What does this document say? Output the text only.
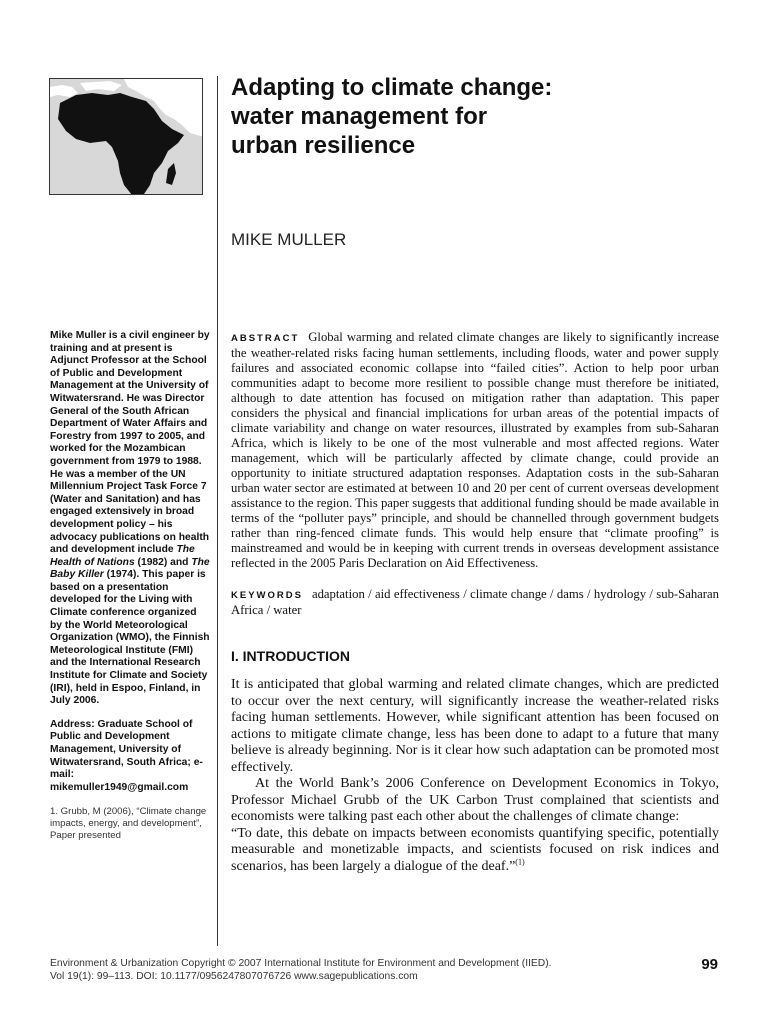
Adapting to climate change:
water management for
urban resilience
MIKE MULLER

Mike Muller is a civil engineer by training and at present is Adjunct Professor at the School of Public and Development Management at the University of Witwatersrand. He was Director General of the South African Department of Water Affairs and Forestry from 1997 to 2005, and worked for the Mozambican government from 1979 to 1988. He was a member of the UN Millennium Project Task Force 7 (Water and Sanitation) and has engaged extensively in broad development policy – his advocacy publications on health and development include The Health of Nations (1982) and The Baby Killer (1974). This paper is based on a presentation developed for the Living with Climate conference organized by the World Meteorological Organization (WMO), the Finnish Meteorological Institute (FMI) and the International Research Institute for Climate and Society (IRI), held in Espoo, Finland, in July 2006.

Address: Graduate School of Public and Development Management, University of Witwatersrand, South Africa; e-mail: mikemuller1949@gmail.com

1. Grubb, M (2006), “Climate change impacts, energy, and development”, Paper presented

ABSTRACT Global warming and related climate changes are likely to significantly increase the weather-related risks facing human settlements, including floods, water and power supply failures and associated economic collapse into “failed cities”. Action to help poor urban communities adapt to become more resilient to possible change must therefore be initiated, although to date attention has focused on mitigation rather than adaptation. This paper considers the physical and financial implications for urban areas of the potential impacts of climate variability and change on water resources, illustrated by examples from sub-Saharan Africa, which is likely to be one of the most vulnerable and most affected regions. Water management, which will be particularly affected by climate change, could provide an opportunity to initiate structured adaptation responses. Adaptation costs in the sub-Saharan urban water sector are estimated at between 10 and 20 per cent of current overseas development assistance to the region. This paper suggests that additional funding should be made available in terms of the “polluter pays” principle, and should be channelled through government budgets rather than ring-fenced climate funds. This would help ensure that “climate proofing” is mainstreamed and would be in keeping with current trends in overseas development assistance reflected in the 2005 Paris Declaration on Aid Effectiveness.

KEYWORDS adaptation / aid effectiveness / climate change / dams / hydrology / sub-Saharan Africa / water

I. INTRODUCTION

It is anticipated that global warming and related climate changes, which are predicted to occur over the next century, will significantly increase the weather-related risks facing human settlements. However, while significant attention has been focused on actions to mitigate climate change, less has been done to adapt to a future that many believe is already beginning. Nor is it clear how such adaptation can be promoted most effectively.

At the World Bank’s 2006 Conference on Development Economics in Tokyo, Professor Michael Grubb of the UK Carbon Trust complained that scientists and economists were talking past each other about the challenges of climate change:

“To date, this debate on impacts between economists quantifying specific, potentially measurable and monetizable impacts, and scientists focused on risk indices and scenarios, has been largely a dialogue of the deaf.”$^{(1)}$

Environment & Urbanization Copyright © 2007 International Institute for Environment and Development (IIED).
Vol 19(1): 99–113. DOI: 10.1177/0956247807076726 www.sagepublications.com
99
